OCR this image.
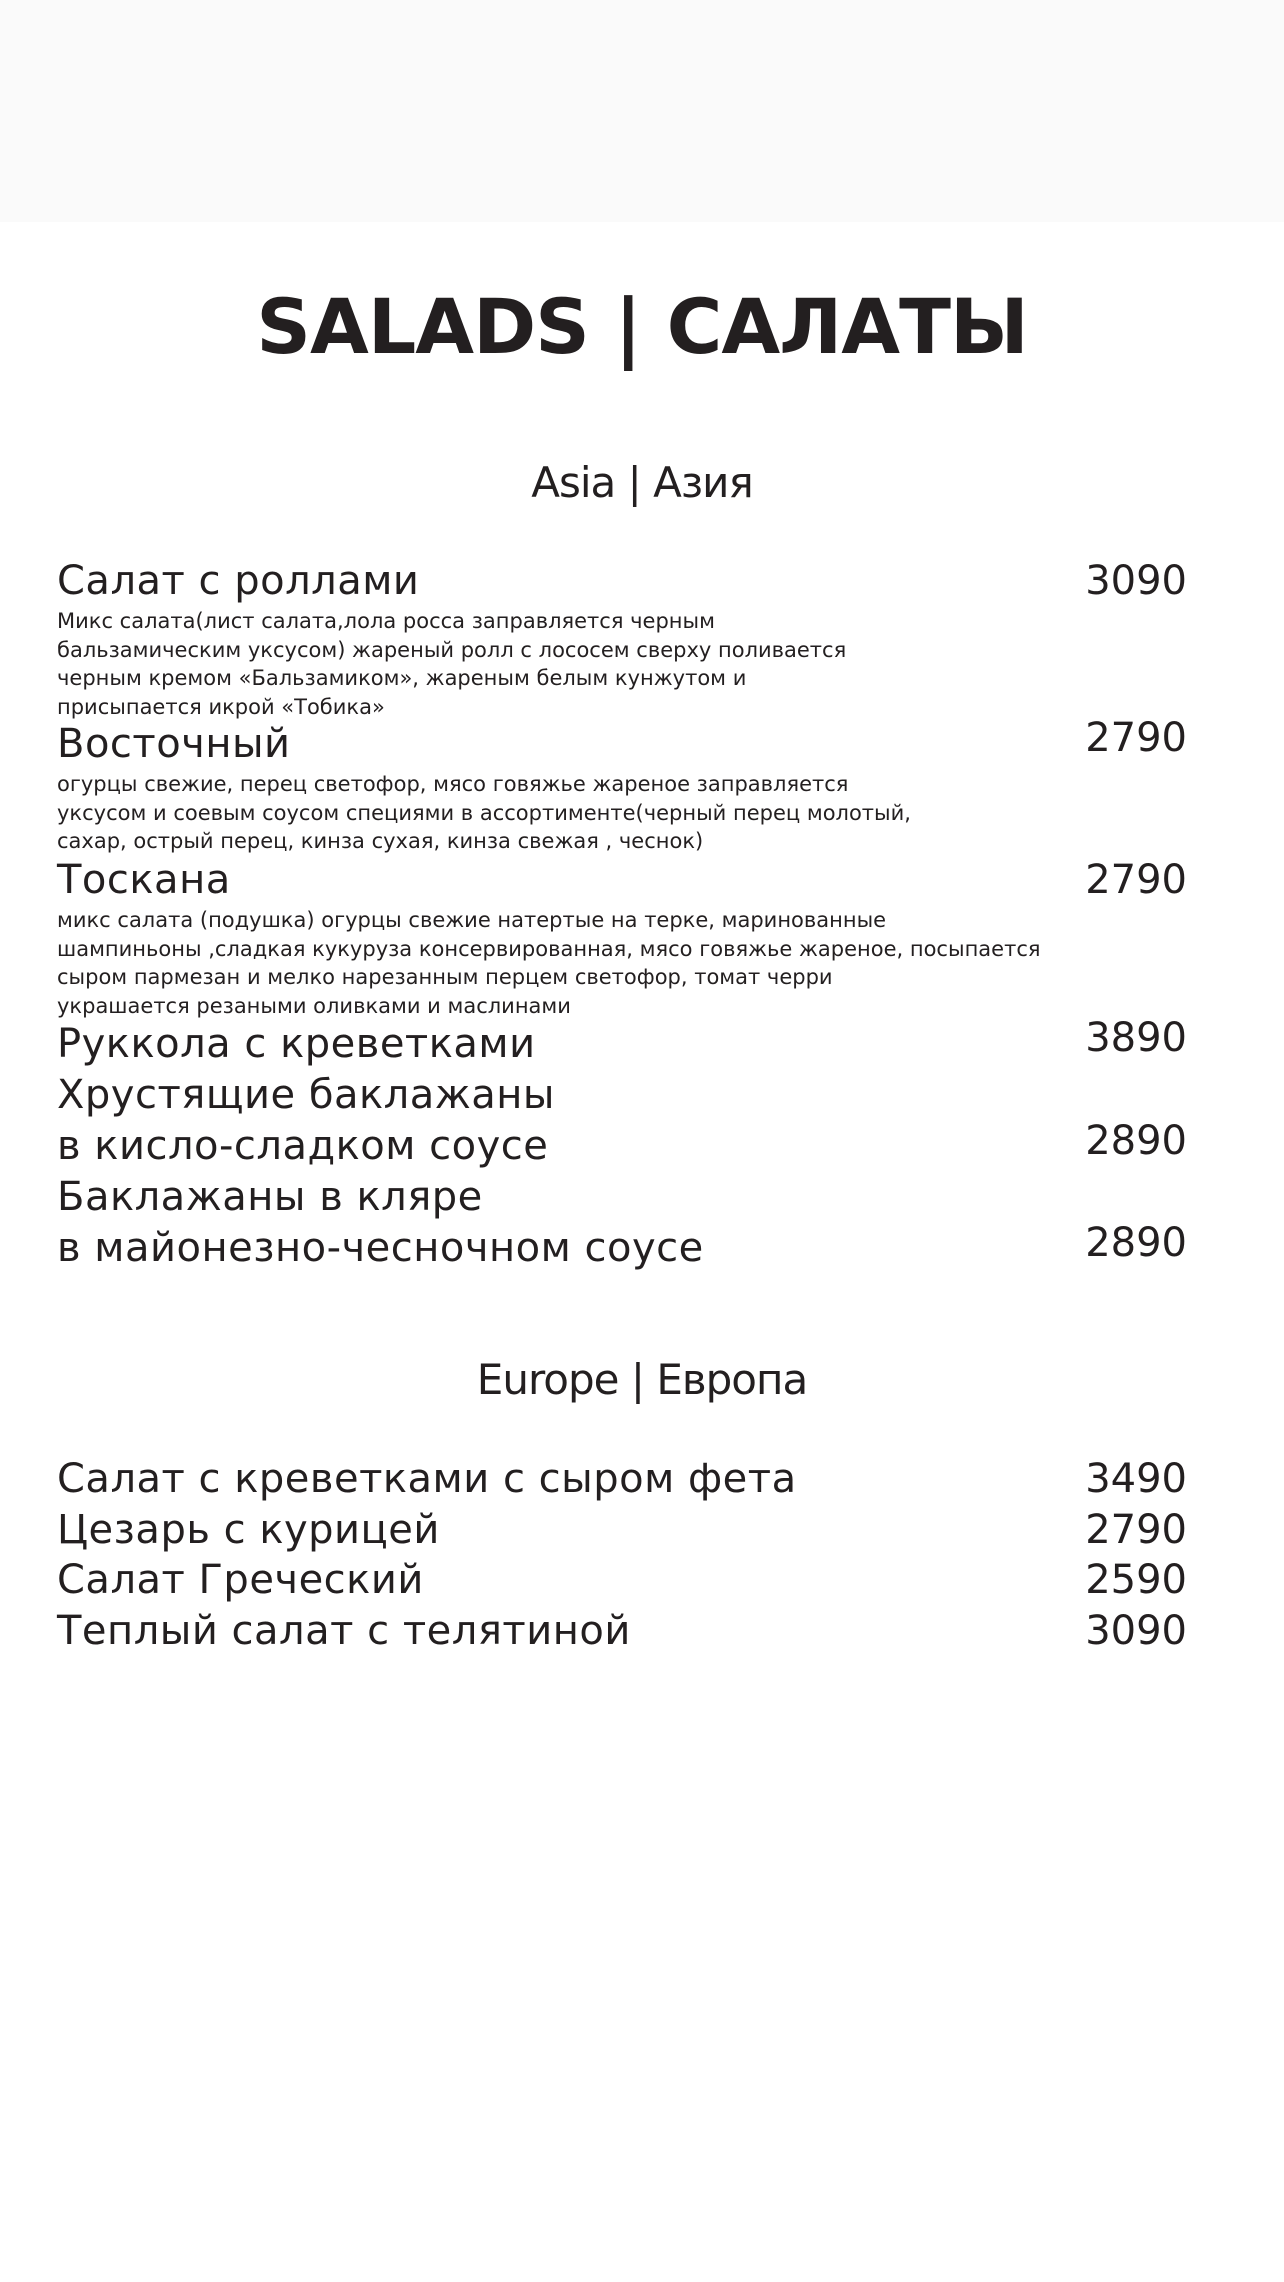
SALADS | САЛАТЫ
Asia | Азия
Салат с роллами
Микс салата(лист салата,лола росса заправляется черным
бальзамическим уксусом) жареный ролл с лососем сверху поливается
черным кремом «Бальзамиком», жареным белым кунжутом и
присыпается икрой «Тобика»
3090
Восточный
огурцы свежие, перец светофор, мясо говяжье жареное заправляется
уксусом и соевым соусом специями в ассортименте(черный перец молотый,
сахар, острый перец, кинза сухая, кинза свежая , чеснок)
2790
Тоскана
микс салата (подушка) огурцы свежие натертые на терке, маринованные
шампиньоны ,сладкая кукуруза консервированная, мясо говяжье жареное, посыпается
сыром пармезан и мелко нарезанным перцем светофор, томат черри
украшается резаными оливками и маслинами
2790
Руккола с креветками	3890
Хрустящие баклажаны
в кисло-сладком соусе	2890
Баклажаны в кляре
в майонезно-чесночном соусе	2890
Europe | Европа
Салат с креветками с сыром фета	3490
Цезарь с курицей	2790
Салат Греческий	2590
Теплый салат с телятиной	3090
